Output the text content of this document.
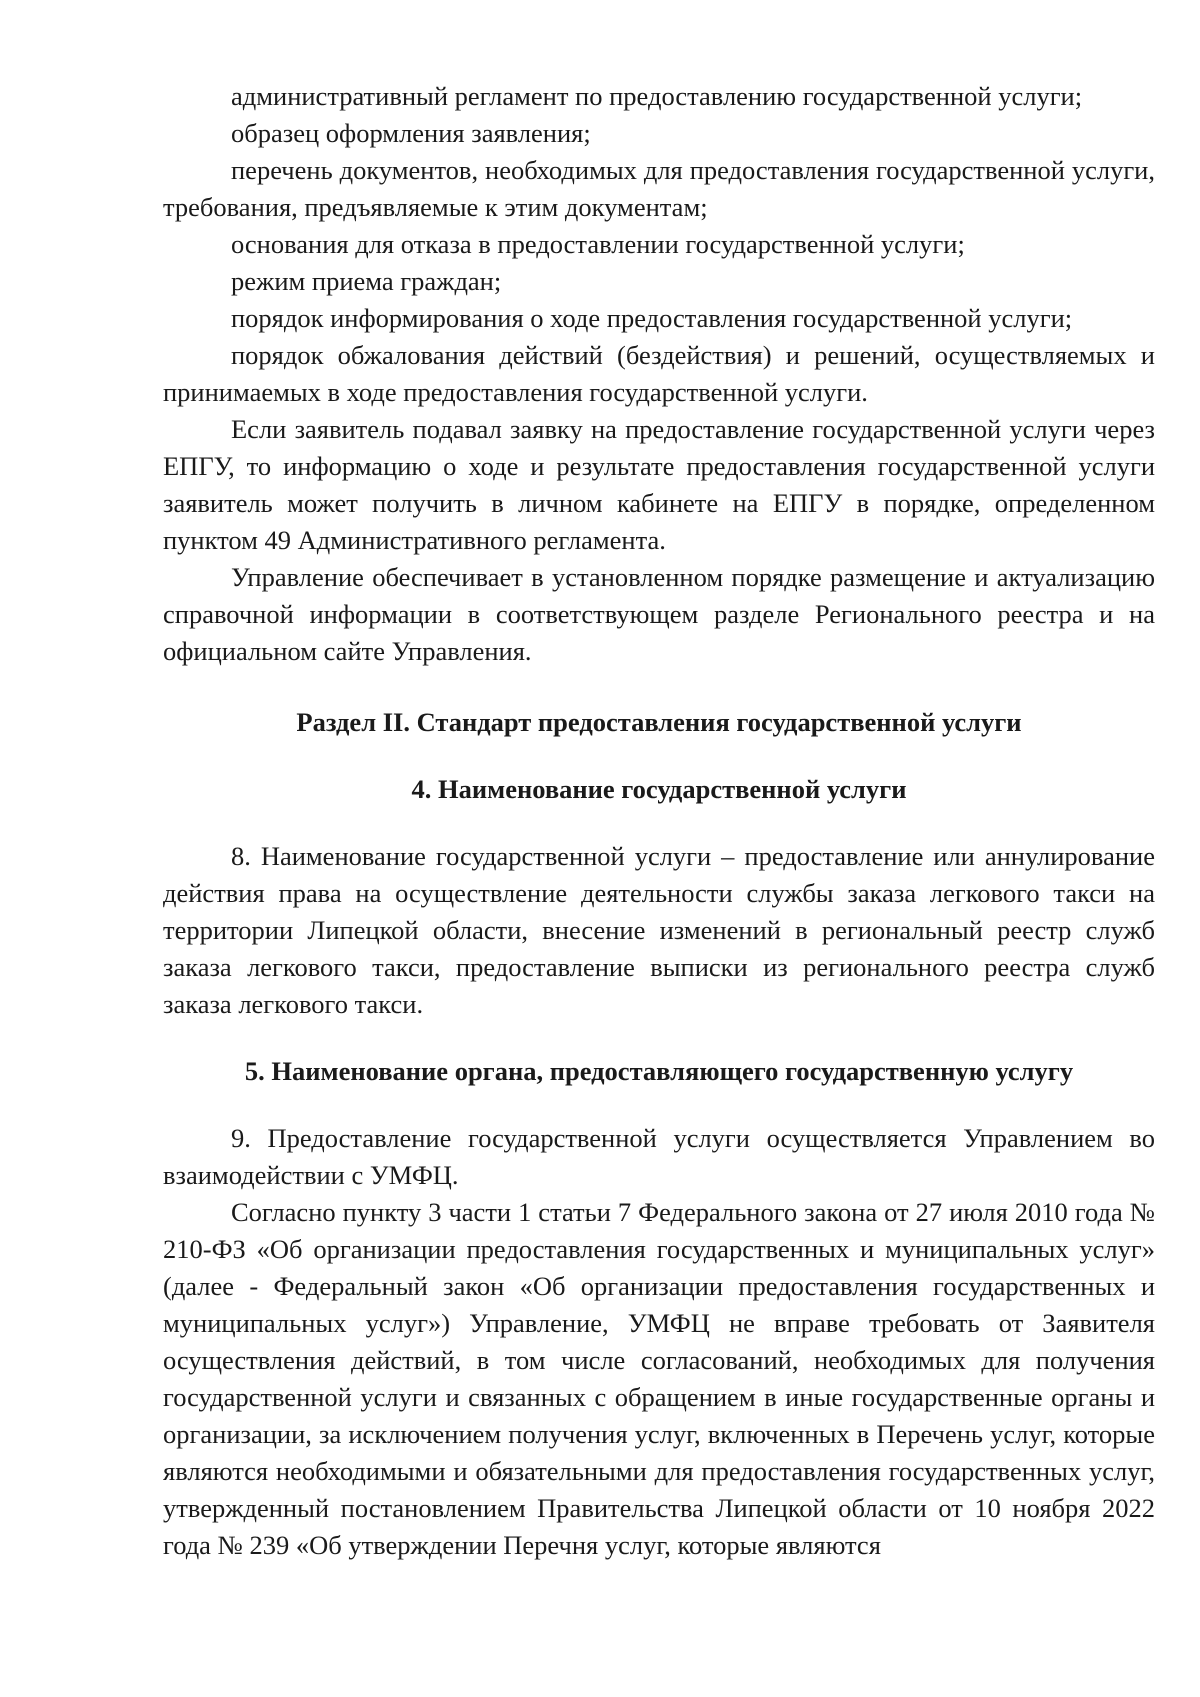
административный регламент по предоставлению государственной услуги;

образец оформления заявления;

перечень документов, необходимых для предоставления государственной услуги, требования, предъявляемые к этим документам;

основания для отказа в предоставлении государственной услуги;

режим приема граждан;

порядок информирования о ходе предоставления государственной услуги;

порядок обжалования действий (бездействия) и решений, осуществляемых и принимаемых в ходе предоставления государственной услуги.

Если заявитель подавал заявку на предоставление государственной услуги через ЕПГУ, то информацию о ходе и результате предоставления государственной услуги заявитель может получить в личном кабинете на ЕПГУ в порядке, определенном пунктом 49 Административного регламента.

Управление обеспечивает в установленном порядке размещение и актуализацию справочной информации в соответствующем разделе Регионального реестра и на официальном сайте Управления.

Раздел II. Стандарт предоставления государственной услуги
4. Наименование государственной услуги

8. Наименование государственной услуги – предоставление или аннулирование действия права на осуществление деятельности службы заказа легкового такси на территории Липецкой области, внесение изменений в региональный реестр служб заказа легкового такси, предоставление выписки из регионального реестра служб заказа легкового такси.

5. Наименование органа, предоставляющего государственную услугу

9. Предоставление государственной услуги осуществляется Управлением во взаимодействии с УМФЦ.

Согласно пункту 3 части 1 статьи 7 Федерального закона от 27 июля 2010 года № 210-ФЗ «Об организации предоставления государственных и муниципальных услуг» (далее - Федеральный закон «Об организации предоставления государственных и муниципальных услуг») Управление, УМФЦ не вправе требовать от Заявителя осуществления действий, в том числе согласований, необходимых для получения государственной услуги и связанных с обращением в иные государственные органы и организации, за исключением получения услуг, включенных в Перечень услуг, которые являются необходимыми и обязательными для предоставления государственных услуг, утвержденный постановлением Правительства Липецкой области от 10 ноября 2022 года № 239 «Об утверждении Перечня услуг, которые являются
